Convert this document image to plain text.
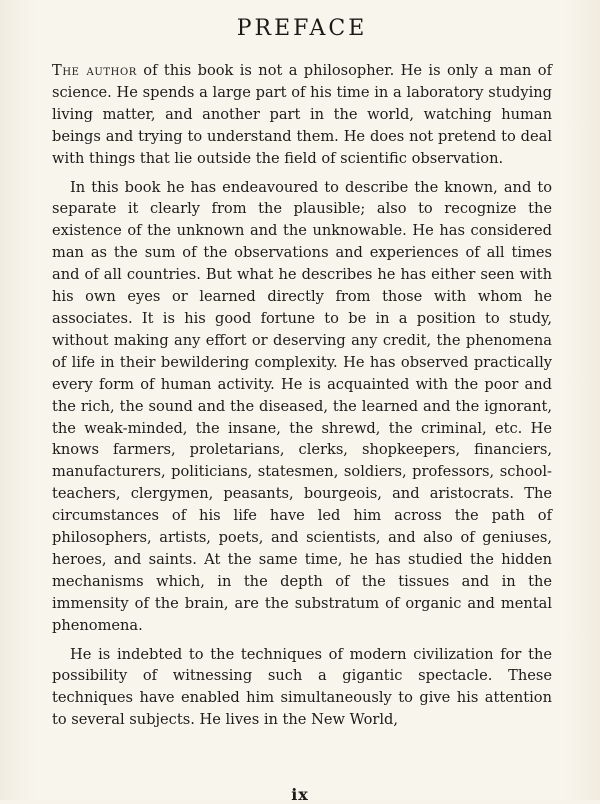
PREFACE

The author of this book is not a philosopher. He is only a man of science. He spends a large part of his time in a laboratory studying living matter, and another part in the world, watching human beings and trying to understand them. He does not pretend to deal with things that lie outside the field of scientific observation.

In this book he has endeavoured to describe the known, and to separate it clearly from the plausible; also to recognize the existence of the unknown and the unknowable. He has considered man as the sum of the observations and experiences of all times and of all countries. But what he describes he has either seen with his own eyes or learned directly from those with whom he associates. It is his good fortune to be in a position to study, without making any effort or deserving any credit, the phenomena of life in their bewildering complexity. He has observed practically every form of human activity. He is acquainted with the poor and the rich, the sound and the diseased, the learned and the ignorant, the weak-minded, the insane, the shrewd, the criminal, etc. He knows farmers, proletarians, clerks, shopkeepers, financiers, manufacturers, politicians, statesmen, soldiers, professors, school-teachers, clergymen, peasants, bourgeois, and aristocrats. The circumstances of his life have led him across the path of philosophers, artists, poets, and scientists, and also of geniuses, heroes, and saints. At the same time, he has studied the hidden mechanisms which, in the depth of the tissues and in the immensity of the brain, are the substratum of organic and mental phenomena.

He is indebted to the techniques of modern civilization for the possibility of witnessing such a gigantic spectacle. These techniques have enabled him simultaneously to give his attention to several subjects. He lives in the New World,

ix
